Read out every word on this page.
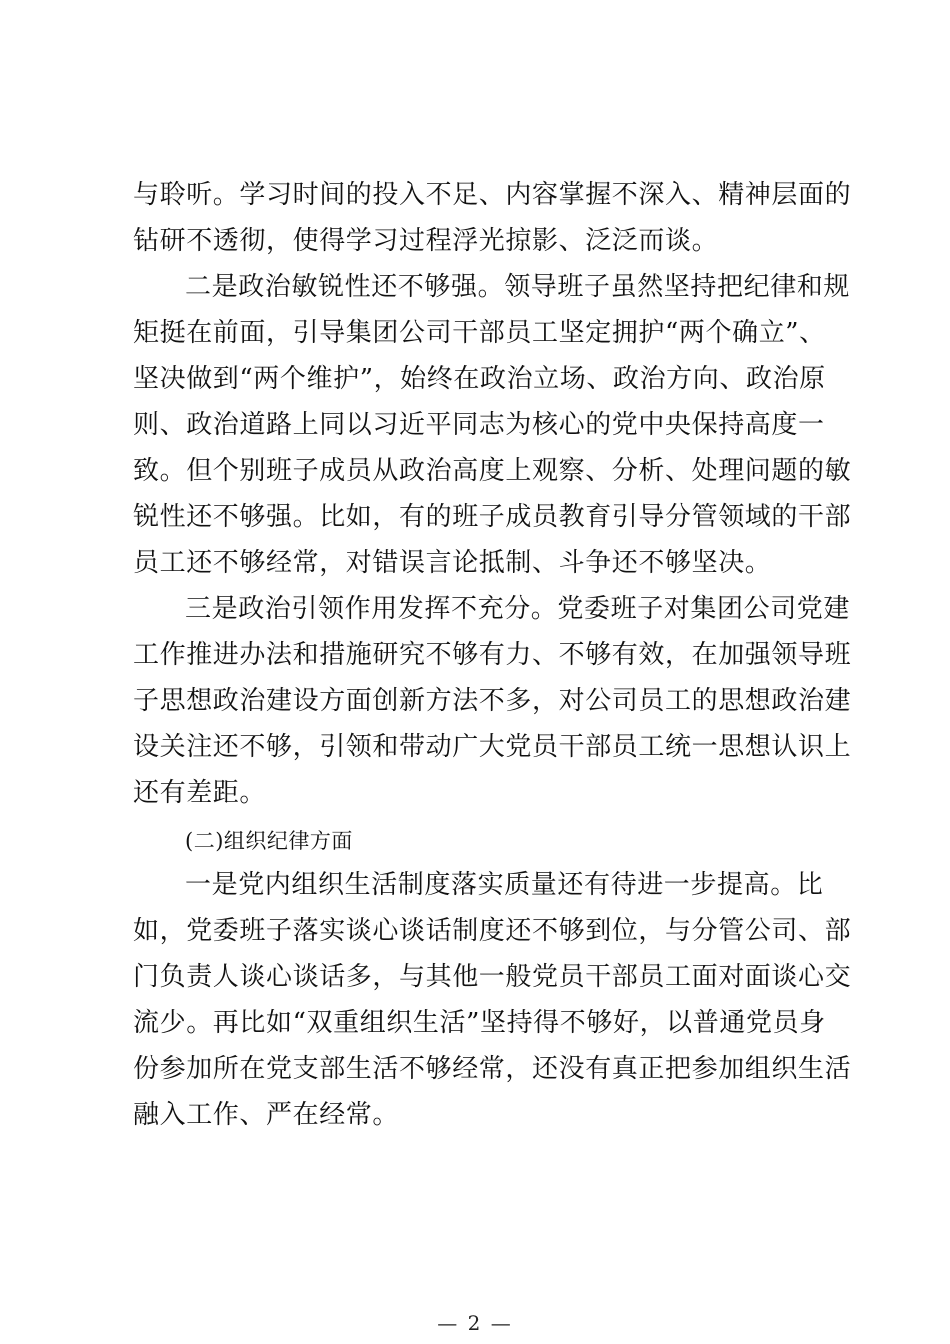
与聆听。学习时间的投入不足、内容掌握不深入、精神层面的
钻研不透彻，使得学习过程浮光掠影、泛泛而谈。
二是政治敏锐性还不够强。领导班子虽然坚持把纪律和规
矩挺在前面，引导集团公司干部员工坚定拥护“两个确立”、
坚决做到“两个维护”，始终在政治立场、政治方向、政治原
则、政治道路上同以习近平同志为核心的党中央保持高度一
致。但个别班子成员从政治高度上观察、分析、处理问题的敏
锐性还不够强。比如，有的班子成员教育引导分管领域的干部
员工还不够经常，对错误言论抵制、斗争还不够坚决。
三是政治引领作用发挥不充分。党委班子对集团公司党建
工作推进办法和措施研究不够有力、不够有效，在加强领导班
子思想政治建设方面创新方法不多，对公司员工的思想政治建
设关注还不够，引领和带动广大党员干部员工统一思想认识上
还有差距。
(二)组织纪律方面
一是党内组织生活制度落实质量还有待进一步提高。比
如，党委班子落实谈心谈话制度还不够到位，与分管公司、部
门负责人谈心谈话多，与其他一般党员干部员工面对面谈心交
流少。再比如“双重组织生活”坚持得不够好，以普通党员身
份参加所在党支部生活不够经常，还没有真正把参加组织生活
融入工作、严在经常。
— 2 —
